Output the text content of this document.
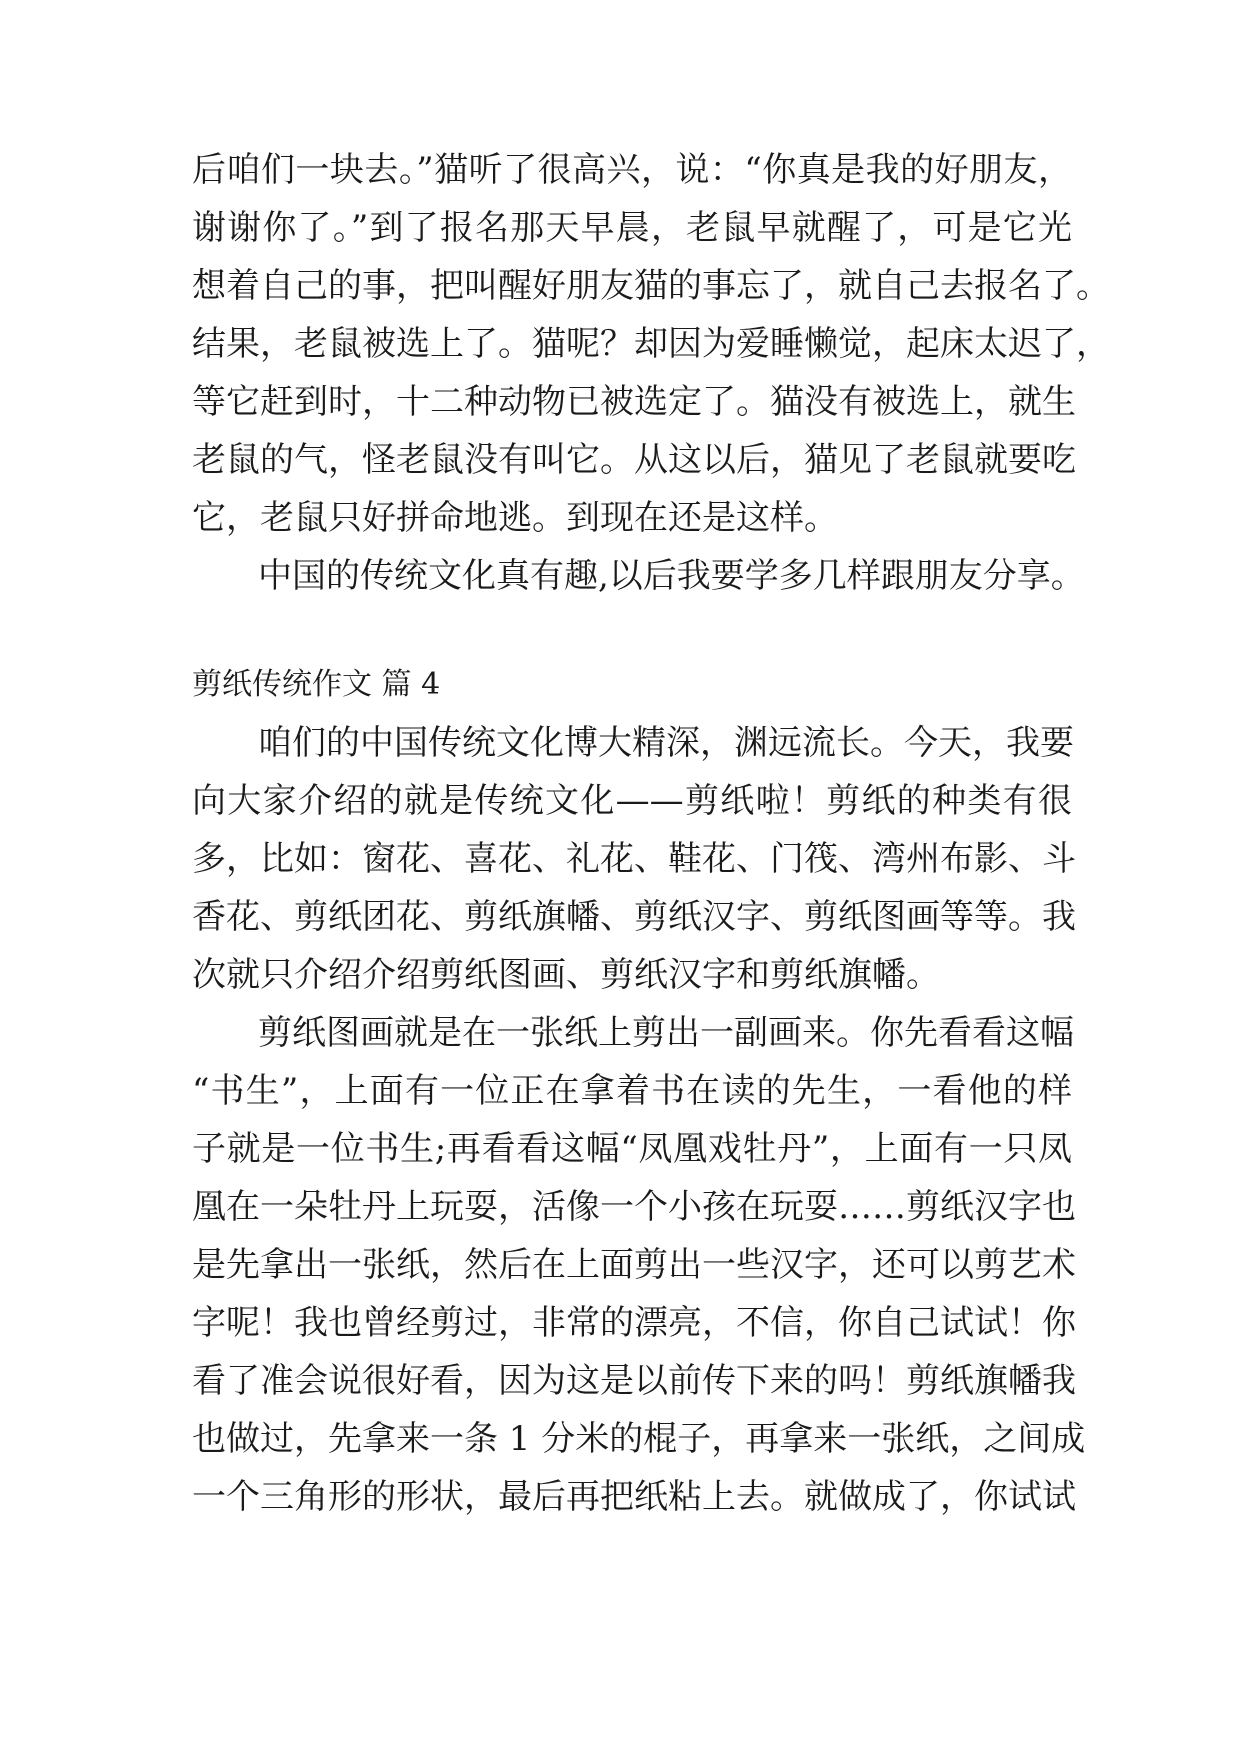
后咱们一块去。”猫听了很高兴，说：“你真是我的好朋友，
谢谢你了。”到了报名那天早晨，老鼠早就醒了，可是它光
想着自己的事，把叫醒好朋友猫的事忘了，就自己去报名了。
结果，老鼠被选上了。猫呢？却因为爱睡懒觉，起床太迟了，
等它赶到时，十二种动物已被选定了。猫没有被选上，就生
老鼠的气，怪老鼠没有叫它。从这以后，猫见了老鼠就要吃
它，老鼠只好拼命地逃。到现在还是这样。
中国的传统文化真有趣,以后我要学多几样跟朋友分享。
剪纸传统作文 篇 4
咱们的中国传统文化博大精深，渊远流长。今天，我要
向大家介绍的就是传统文化——剪纸啦！剪纸的种类有很
多，比如：窗花、喜花、礼花、鞋花、门筏、湾州布影、斗
香花、剪纸团花、剪纸旗幡、剪纸汉字、剪纸图画等等。我
次就只介绍介绍剪纸图画、剪纸汉字和剪纸旗幡。
剪纸图画就是在一张纸上剪出一副画来。你先看看这幅
“书生”，上面有一位正在拿着书在读的先生，一看他的样
子就是一位书生;再看看这幅“凤凰戏牡丹”，上面有一只凤
凰在一朵牡丹上玩耍，活像一个小孩在玩耍……剪纸汉字也
是先拿出一张纸，然后在上面剪出一些汉字，还可以剪艺术
字呢！我也曾经剪过，非常的漂亮，不信，你自己试试！你
看了准会说很好看，因为这是以前传下来的吗！剪纸旗幡我
也做过，先拿来一条 1 分米的棍子，再拿来一张纸，之间成
一个三角形的形状，最后再把纸粘上去。就做成了，你试试
